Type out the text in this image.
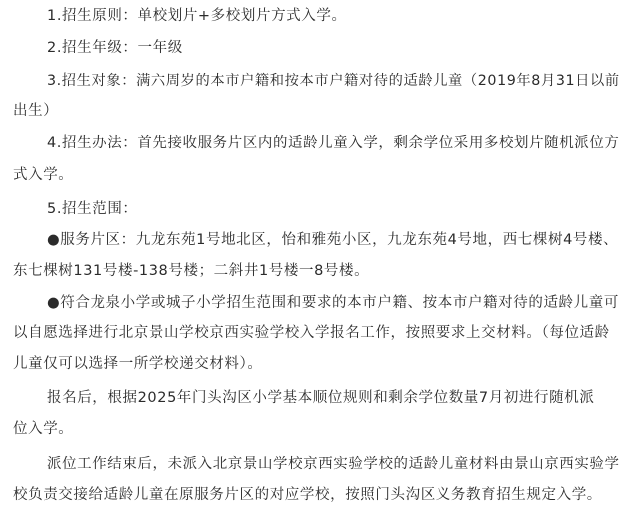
1.招生原则：单校划片+多校划片方式入学。
2.招生年级：一年级
3.招生对象：满六周岁的本市户籍和按本市户籍对待的适龄儿童（2019年8月31日以前
出生）
4.招生办法：首先接收服务片区内的适龄儿童入学，剩余学位采用多校划片随机派位方
式入学。
5.招生范围：
●服务片区：九龙东苑1号地北区，怡和雅苑小区，九龙东苑4号地，西七棵树4号楼、
东七棵树131号楼-138号楼；二斜井1号楼一8号楼。
●符合龙泉小学或城子小学招生范围和要求的本市户籍、按本市户籍对待的适龄儿童可
以自愿选择进行北京景山学校京西实验学校入学报名工作，按照要求上交材料。（每位适龄
儿童仅可以选择一所学校递交材料）。
报名后，根据2025年门头沟区小学基本顺位规则和剩余学位数量7月初进行随机派
位入学。
派位工作结束后，未派入北京景山学校京西实验学校的适龄儿童材料由景山京西实验学
校负责交接给适龄儿童在原服务片区的对应学校，按照门头沟区义务教育招生规定入学。
